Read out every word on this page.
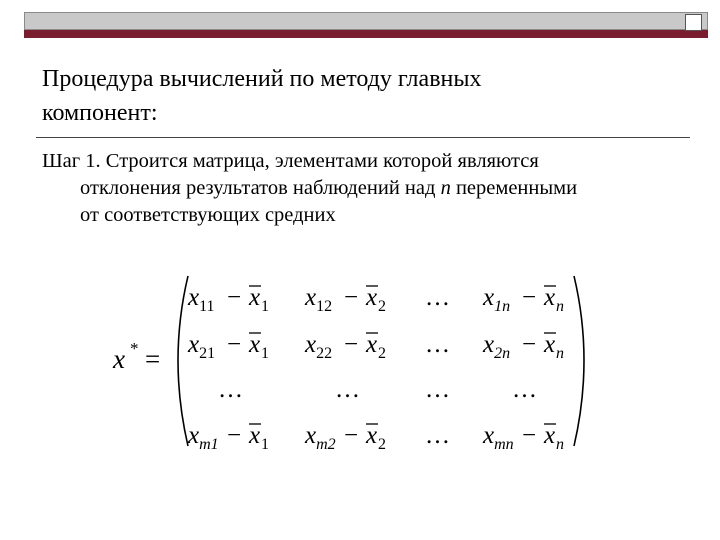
Процедура вычислений по методу главных
компонент:
Шаг 1. Строится матрица, элементами которой являются
отклонения результатов наблюдений над n переменными
от соответствующих средних
x * =
$x_{11} - x$ 1 $x_{12} - x$ 2 … $x_{1n} - x$ n
$x_{21} - x$ 1 $x_{22} - x$ 2 … $x_{2n} - x$ n
…	…	… …
$x_{m1} - x$ 1 $x_{m2} - x$ 2 … $x_{mn} - x$ n
